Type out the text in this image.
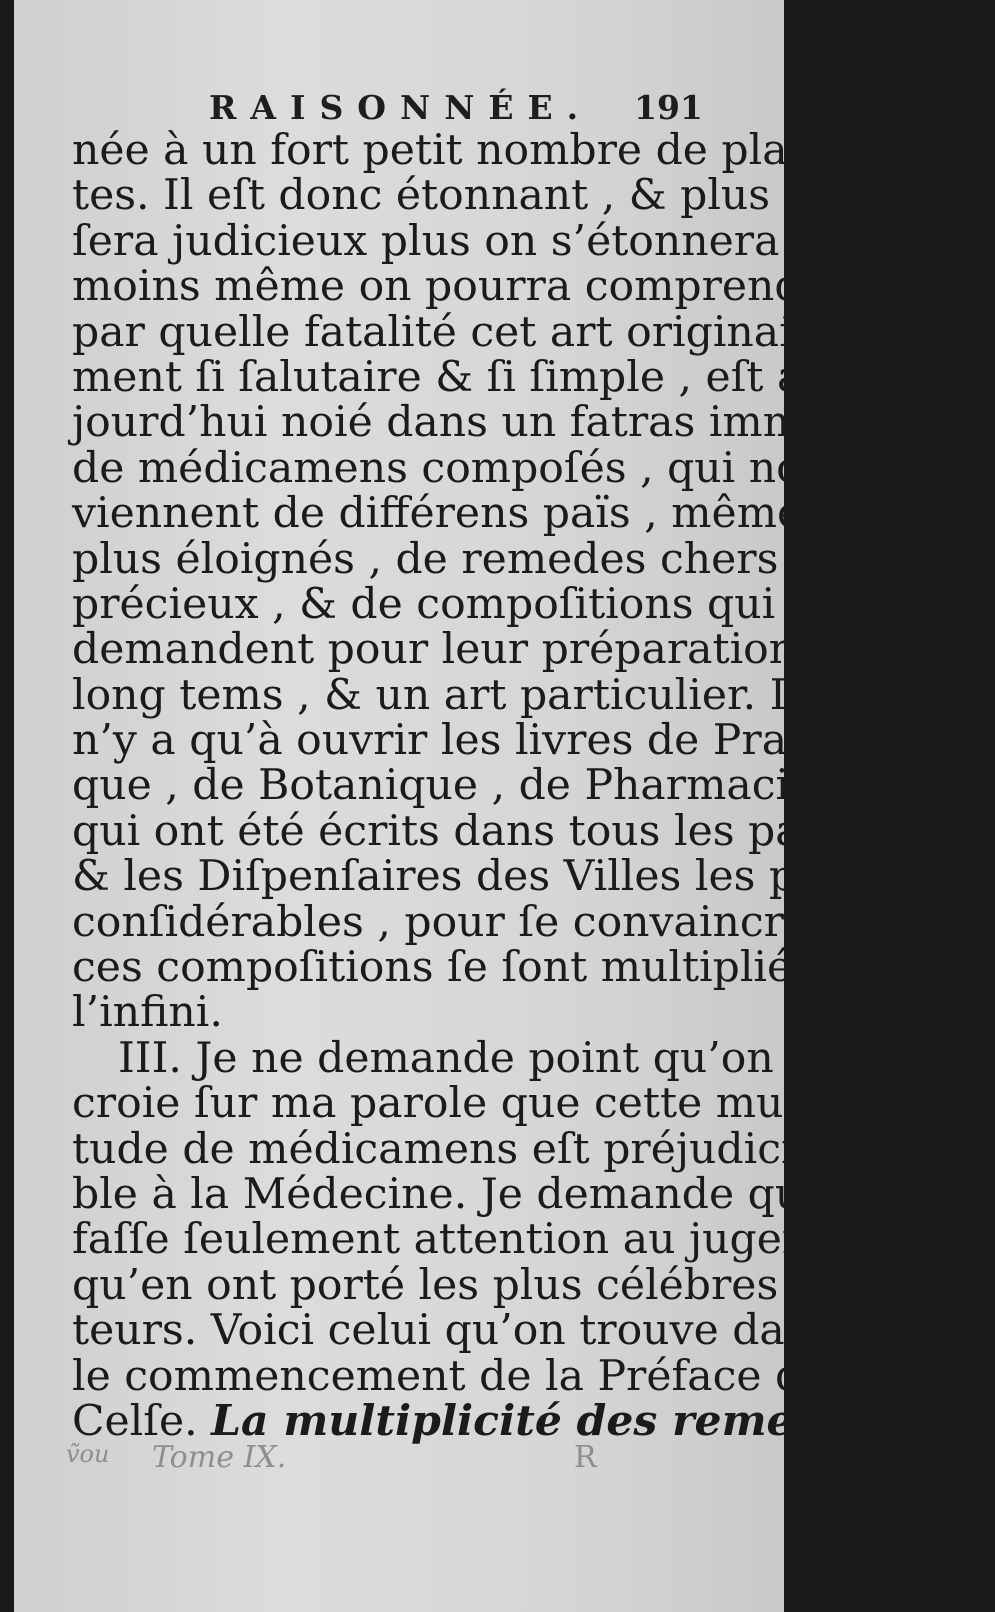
RAISONNÉE. 191
née à un fort petit nombre de plan-
tes. Il eſt donc étonnant , & plus on
ſera judicieux plus on s’étonnera ,
moins même on pourra comprendre
par quelle fatalité cet art originaire-
ment ſi ſalutaire & ſi ſimple , eſt au-
jourd’hui noié dans un fatras immenſe
de médicamens compoſés , qui nous
viennent de différens païs , même les
plus éloignés , de remedes chers &
précieux , & de compoſitions qui
demandent pour leur préparation un
long tems , & un art particulier. Il
n’y a qu’à ouvrir les livres de Prati-
que , de Botanique , de Pharmacie ,
qui ont été écrits dans tous les païs ,
& les Diſpenſaires des Villes les plus
conſidérables , pour ſe convaincre que
ces compoſitions ſe ſont multipliées à
l’infini.
III. Je ne demande point qu’on
croie ſur ma parole que cette multi-
tude de médicamens eſt préjudicia-
ble à la Médecine. Je demande qu’on
faſſe ſeulement attention au jugement
qu’en ont porté les plus célébres Au-
teurs. Voici celui qu’on trouve dans
le commencement de la Préface de
Celſe. La multiplicité des remedes , qui
ṽou Tome IX.	R
